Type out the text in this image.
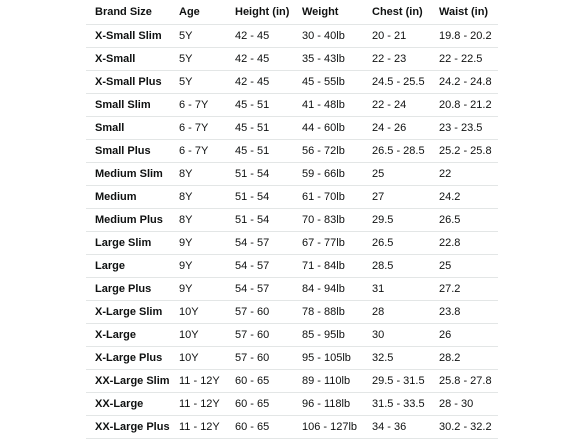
Brand Size	Age	Height (in)	Weight	Chest (in)	Waist (in)
X-Small Slim	5Y	42 - 45	30 - 40lb	20 - 21	19.8 - 20.2
X-Small	5Y	42 - 45	35 - 43lb	22 - 23	22 - 22.5
X-Small Plus	5Y	42 - 45	45 - 55lb	24.5 - 25.5	24.2 - 24.8
Small Slim	6 - 7Y	45 - 51	41 - 48lb	22 - 24	20.8 - 21.2
Small	6 - 7Y	45 - 51	44 - 60lb	24 - 26	23 - 23.5
Small Plus	6 - 7Y	45 - 51	56 - 72lb	26.5 - 28.5	25.2 - 25.8
Medium Slim	8Y	51 - 54	59 - 66lb	25	22
Medium	8Y	51 - 54	61 - 70lb	27	24.2
Medium Plus	8Y	51 - 54	70 - 83lb	29.5	26.5
Large Slim	9Y	54 - 57	67 - 77lb	26.5	22.8
Large	9Y	54 - 57	71 - 84lb	28.5	25
Large Plus	9Y	54 - 57	84 - 94lb	31	27.2
X-Large Slim	10Y	57 - 60	78 - 88lb	28	23.8
X-Large	10Y	57 - 60	85 - 95lb	30	26
X-Large Plus	10Y	57 - 60	95 - 105lb	32.5	28.2
XX-Large Slim	11 - 12Y	60 - 65	89 - 110lb	29.5 - 31.5	25.8 - 27.8
XX-Large	11 - 12Y	60 - 65	96 - 118lb	31.5 - 33.5	28 - 30
XX-Large Plus	11 - 12Y	60 - 65	106 - 127lb	34 - 36	30.2 - 32.2
